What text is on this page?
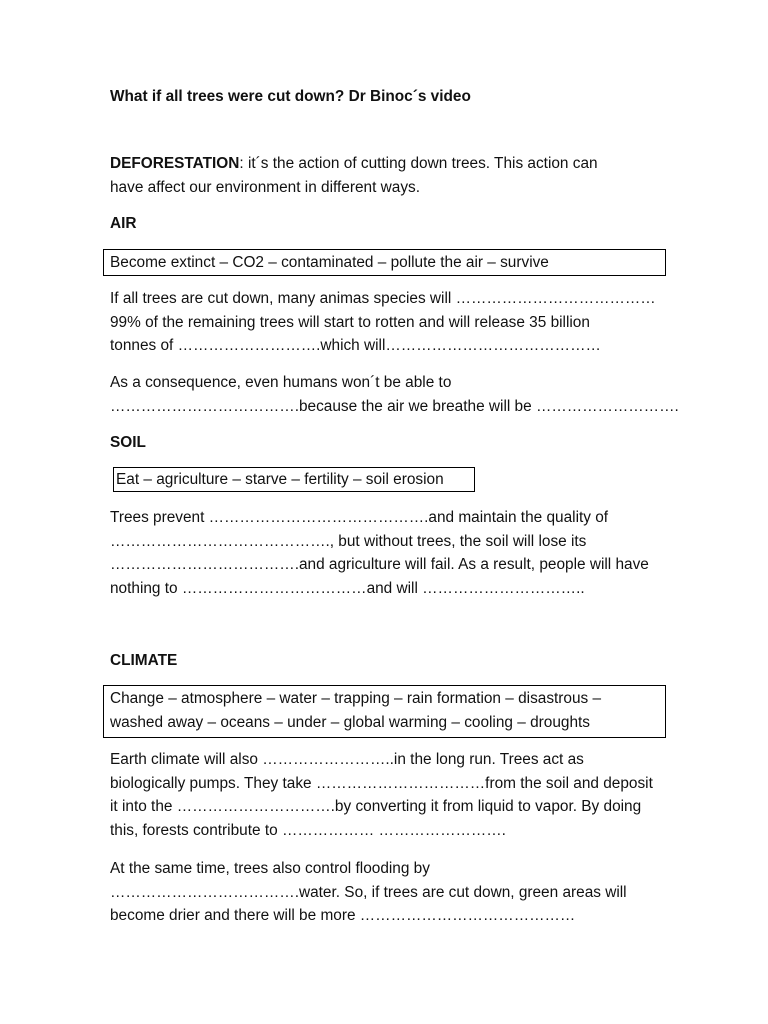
What if all trees were cut down? Dr Binoc´s video
DEFORESTATION: it´s the action of cutting down trees. This action can
have affect our environment in different ways.
AIR
Become extinct – CO2 – contaminated – pollute the air – survive
If all trees are cut down, many animas species will …………………………………
99% of the remaining trees will start to rotten and will release 35 billion
tonnes of ……………………….which will……………………………………
As a consequence, even humans won´t be able to
……………………………….because the air we breathe will be ……………………….
SOIL
Eat – agriculture – starve – fertility – soil erosion
Trees prevent …………………………………….and maintain the quality of
……………………………………., but without trees, the soil will lose its
……………………………….and agriculture will fail. As a result, people will have
nothing to ………………………………and will …………………………..
CLIMATE
Change – atmosphere – water – trapping – rain formation – disastrous –
washed away – oceans – under – global warming – cooling – droughts
Earth climate will also ……………………..in the long run. Trees act as
biologically pumps. They take ……………………………from the soil and deposit
it into the ………………………….by converting it from liquid to vapor. By doing
this, forests contribute to ……………… …………………….
At the same time, trees also control flooding by
……………………………….water. So, if trees are cut down, green areas will
become drier and there will be more ……………………………………
